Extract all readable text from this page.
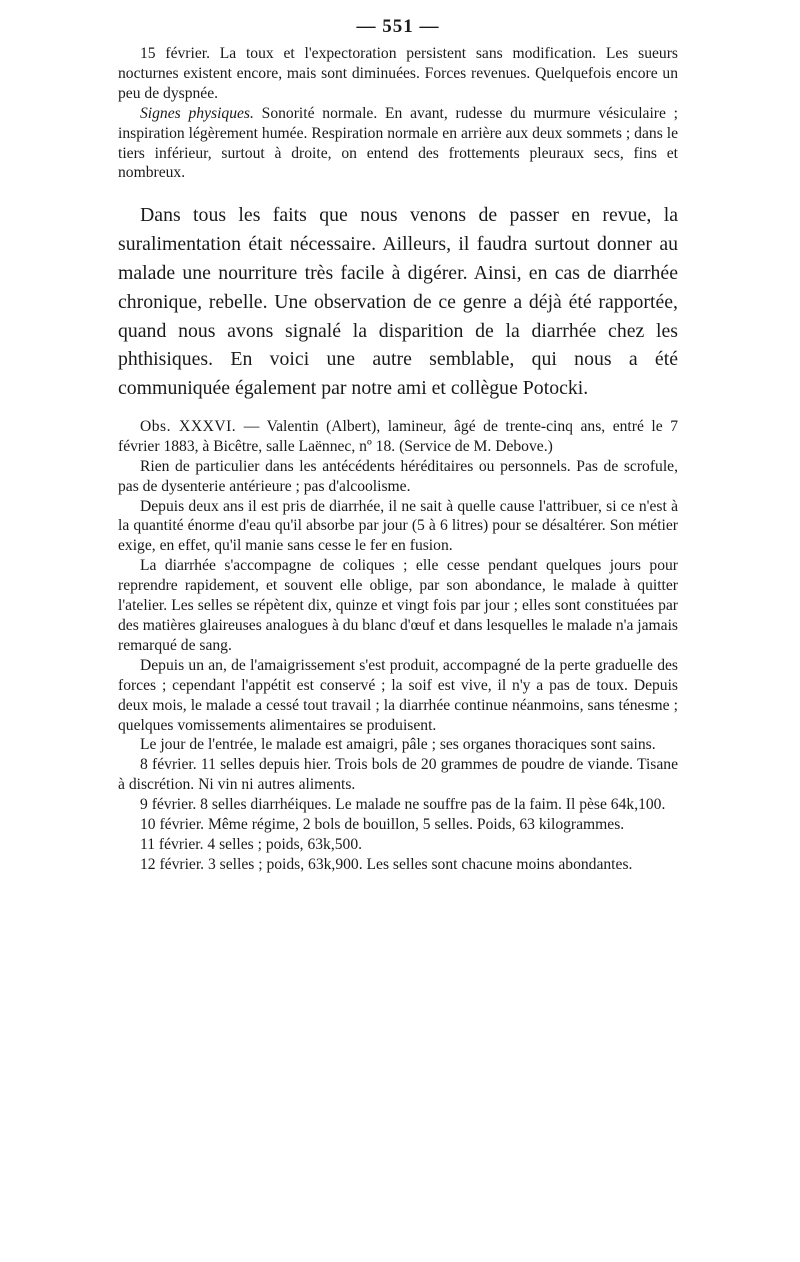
— 551 —

15 février. La toux et l'expectoration persistent sans modification. Les sueurs nocturnes existent encore, mais sont diminuées. Forces revenues. Quelquefois encore un peu de dyspnée.

Signes physiques. Sonorité normale. En avant, rudesse du murmure vésiculaire ; inspiration légèrement humée. Respiration normale en arrière aux deux sommets ; dans le tiers inférieur, surtout à droite, on entend des frottements pleuraux secs, fins et nombreux.

Dans tous les faits que nous venons de passer en revue, la suralimentation était nécessaire. Ailleurs, il faudra surtout donner au malade une nourriture très facile à digérer. Ainsi, en cas de diarrhée chronique, rebelle. Une observation de ce genre a déjà été rapportée, quand nous avons signalé la disparition de la diarrhée chez les phthisiques. En voici une autre semblable, qui nous a été communiquée également par notre ami et collègue Potocki.

Obs. XXXVI. — Valentin (Albert), lamineur, âgé de trente-cinq ans, entré le 7 février 1883, à Bicêtre, salle Laënnec, nº 18. (Service de M. Debove.)

Rien de particulier dans les antécédents héréditaires ou personnels. Pas de scrofule, pas de dysenterie antérieure ; pas d'alcoolisme.

Depuis deux ans il est pris de diarrhée, il ne sait à quelle cause l'attribuer, si ce n'est à la quantité énorme d'eau qu'il absorbe par jour (5 à 6 litres) pour se désaltérer. Son métier exige, en effet, qu'il manie sans cesse le fer en fusion.

La diarrhée s'accompagne de coliques ; elle cesse pendant quelques jours pour reprendre rapidement, et souvent elle oblige, par son abondance, le malade à quitter l'atelier. Les selles se répètent dix, quinze et vingt fois par jour ; elles sont constituées par des matières glaireuses analogues à du blanc d'œuf et dans lesquelles le malade n'a jamais remarqué de sang.

Depuis un an, de l'amaigrissement s'est produit, accompagné de la perte graduelle des forces ; cependant l'appétit est conservé ; la soif est vive, il n'y a pas de toux. Depuis deux mois, le malade a cessé tout travail ; la diarrhée continue néanmoins, sans ténesme ; quelques vomissements alimentaires se produisent.

Le jour de l'entrée, le malade est amaigri, pâle ; ses organes thoraciques sont sains.

8 février. 11 selles depuis hier. Trois bols de 20 grammes de poudre de viande. Tisane à discrétion. Ni vin ni autres aliments.

9 février. 8 selles diarrhéiques. Le malade ne souffre pas de la faim. Il pèse 64k,100.

10 février. Même régime, 2 bols de bouillon, 5 selles. Poids, 63 kilogrammes.

11 février. 4 selles ; poids, 63k,500.

12 février. 3 selles ; poids, 63k,900. Les selles sont chacune moins abondantes.
